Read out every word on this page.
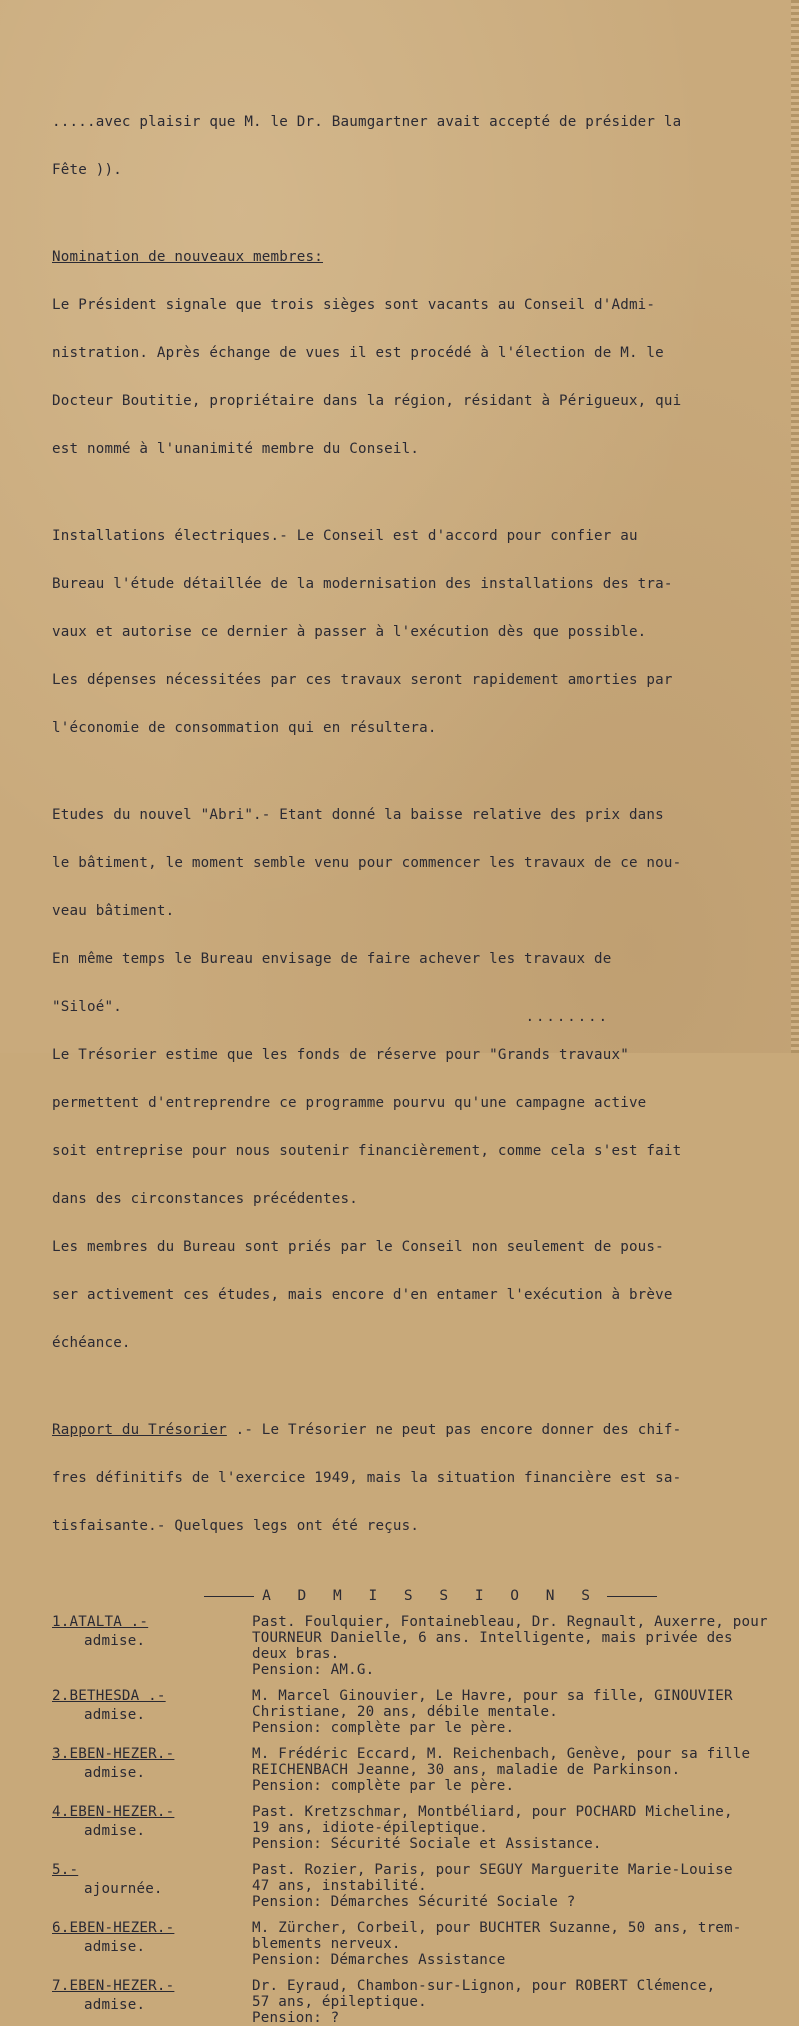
.....avec plaisir que M. le Dr. Baumgartner avait accepté de présider la

Fête )).

Nomination de nouveaux membres:

Le Président signale que trois sièges sont vacants au Conseil d'Admi-

nistration. Après échange de vues il est procédé à l'élection de M. le

Docteur Boutitie, propriétaire dans la région, résidant à Périgueux, qui

est nommé à l'unanimité membre du Conseil.

Installations électriques.- Le Conseil est d'accord pour confier au

Bureau l'étude détaillée de la modernisation des installations des tra-

vaux et autorise ce dernier à passer à l'exécution dès que possible.

Les dépenses nécessitées par ces travaux seront rapidement amorties par

l'économie de consommation qui en résultera.

Etudes du nouvel "Abri".- Etant donné la baisse relative des prix dans

le bâtiment, le moment semble venu pour commencer les travaux de ce nou-

veau bâtiment.

En même temps le Bureau envisage de faire achever les travaux de

"Siloé".

Le Trésorier estime que les fonds de réserve pour "Grands travaux"

permettent d'entreprendre ce programme pourvu qu'une campagne active

soit entreprise pour nous soutenir financièrement, comme cela s'est fait

dans des circonstances précédentes.

Les membres du Bureau sont priés par le Conseil non seulement de pous-

ser activement ces études, mais encore d'en entamer l'exécution à brève

échéance.

Rapport du Trésorier .- Le Trésorier ne peut pas encore donner des chif-

fres définitifs de l'exercice 1949, mais la situation financière est sa-

tisfaisante.- Quelques legs ont été reçus.

A D M I S S I O N S
1.ATALTA .-
admise.
Past. Foulquier, Fontainebleau, Dr. Regnault, Auxerre, pour
TOURNEUR Danielle, 6 ans. Intelligente, mais privée des
deux bras.
Pension: AM.G.
2.BETHESDA .-
admise.
M. Marcel Ginouvier, Le Havre, pour sa fille, GINOUVIER
Christiane, 20 ans, débile mentale.
Pension: complète par le père.
3.EBEN-HEZER.-
admise.
M. Frédéric Eccard, M. Reichenbach, Genève, pour sa fille
REICHENBACH Jeanne, 30 ans, maladie de Parkinson.
Pension: complète par le père.
4.EBEN-HEZER.-
admise.
Past. Kretzschmar, Montbéliard, pour POCHARD Micheline,
19 ans, idiote-épileptique.
Pension: Sécurité Sociale et Assistance.
5.-
ajournée.
Past. Rozier, Paris, pour SEGUY Marguerite Marie-Louise
47 ans, instabilité.
Pension: Démarches Sécurité Sociale ?
6.EBEN-HEZER.-
admise.
M. Zürcher, Corbeil, pour BUCHTER Suzanne, 50 ans, trem-
blements nerveux.
Pension: Démarches Assistance
7.EBEN-HEZER.-
admise.
Dr. Eyraud, Chambon-sur-Lignon, pour ROBERT Clémence,
57 ans, épileptique.
Pension: ?
........
